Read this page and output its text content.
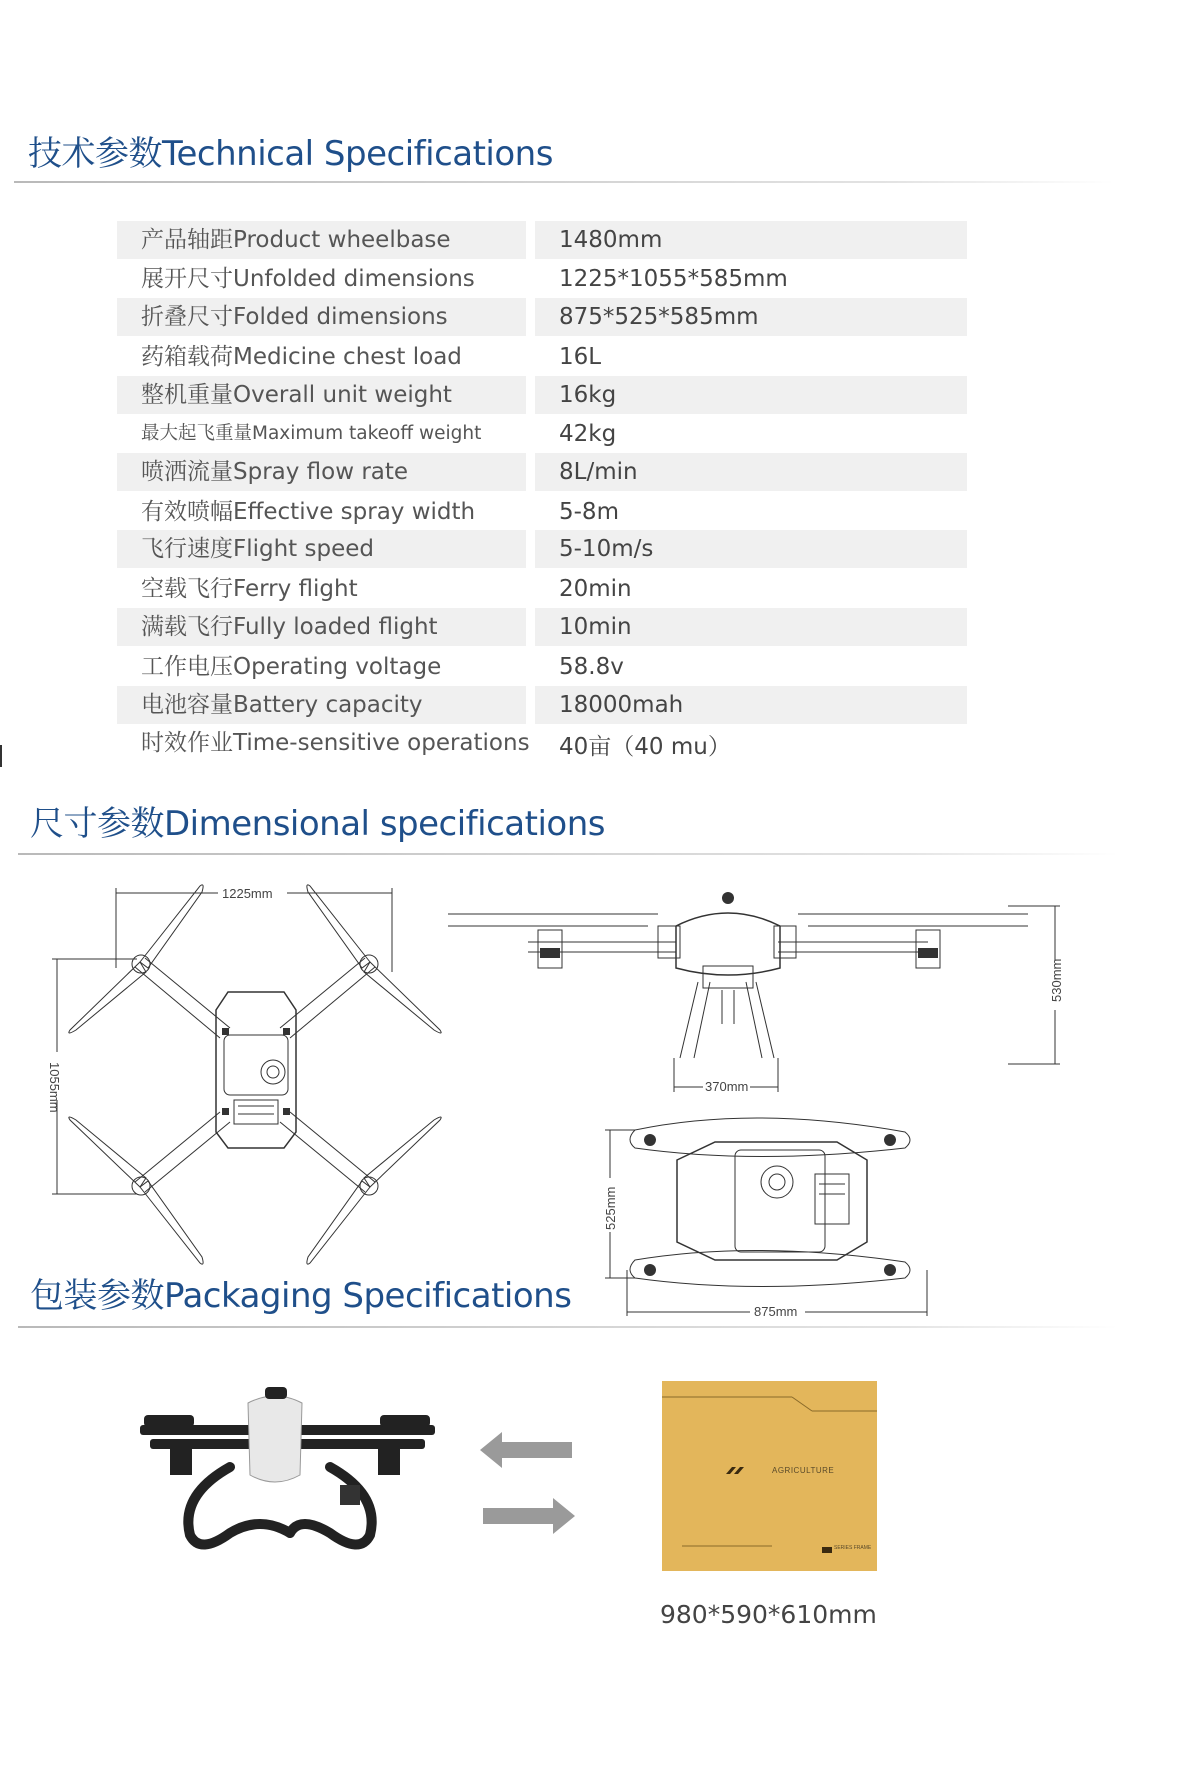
技术参数Technical Specifications
产品轴距Product wheelbase	1480mm
展开尺寸Unfolded dimensions	1225*1055*585mm
折叠尺寸Folded dimensions	875*525*585mm
药箱载荷Medicine chest load	16L
整机重量Overall unit weight	16kg
最大起飞重量Maximum takeoff weight	42kg
喷洒流量Spray flow rate	8L/min
有效喷幅Effective spray width	5-8m
飞行速度Flight speed	5-10m/s
空载飞行Ferry flight	20min
满载飞行Fully loaded flight	10min
工作电压Operating voltage	58.8v
电池容量Battery capacity	18000mah
时效作业Time-sensitive operations	40亩（40 mu）
尺寸参数Dimensional specifications
1225mm
1055mm	370mm
530mm
875mm
525mm
包装参数Packaging Specifications
AGRICULTURE
SERIES FRAME
980*590*610mm
